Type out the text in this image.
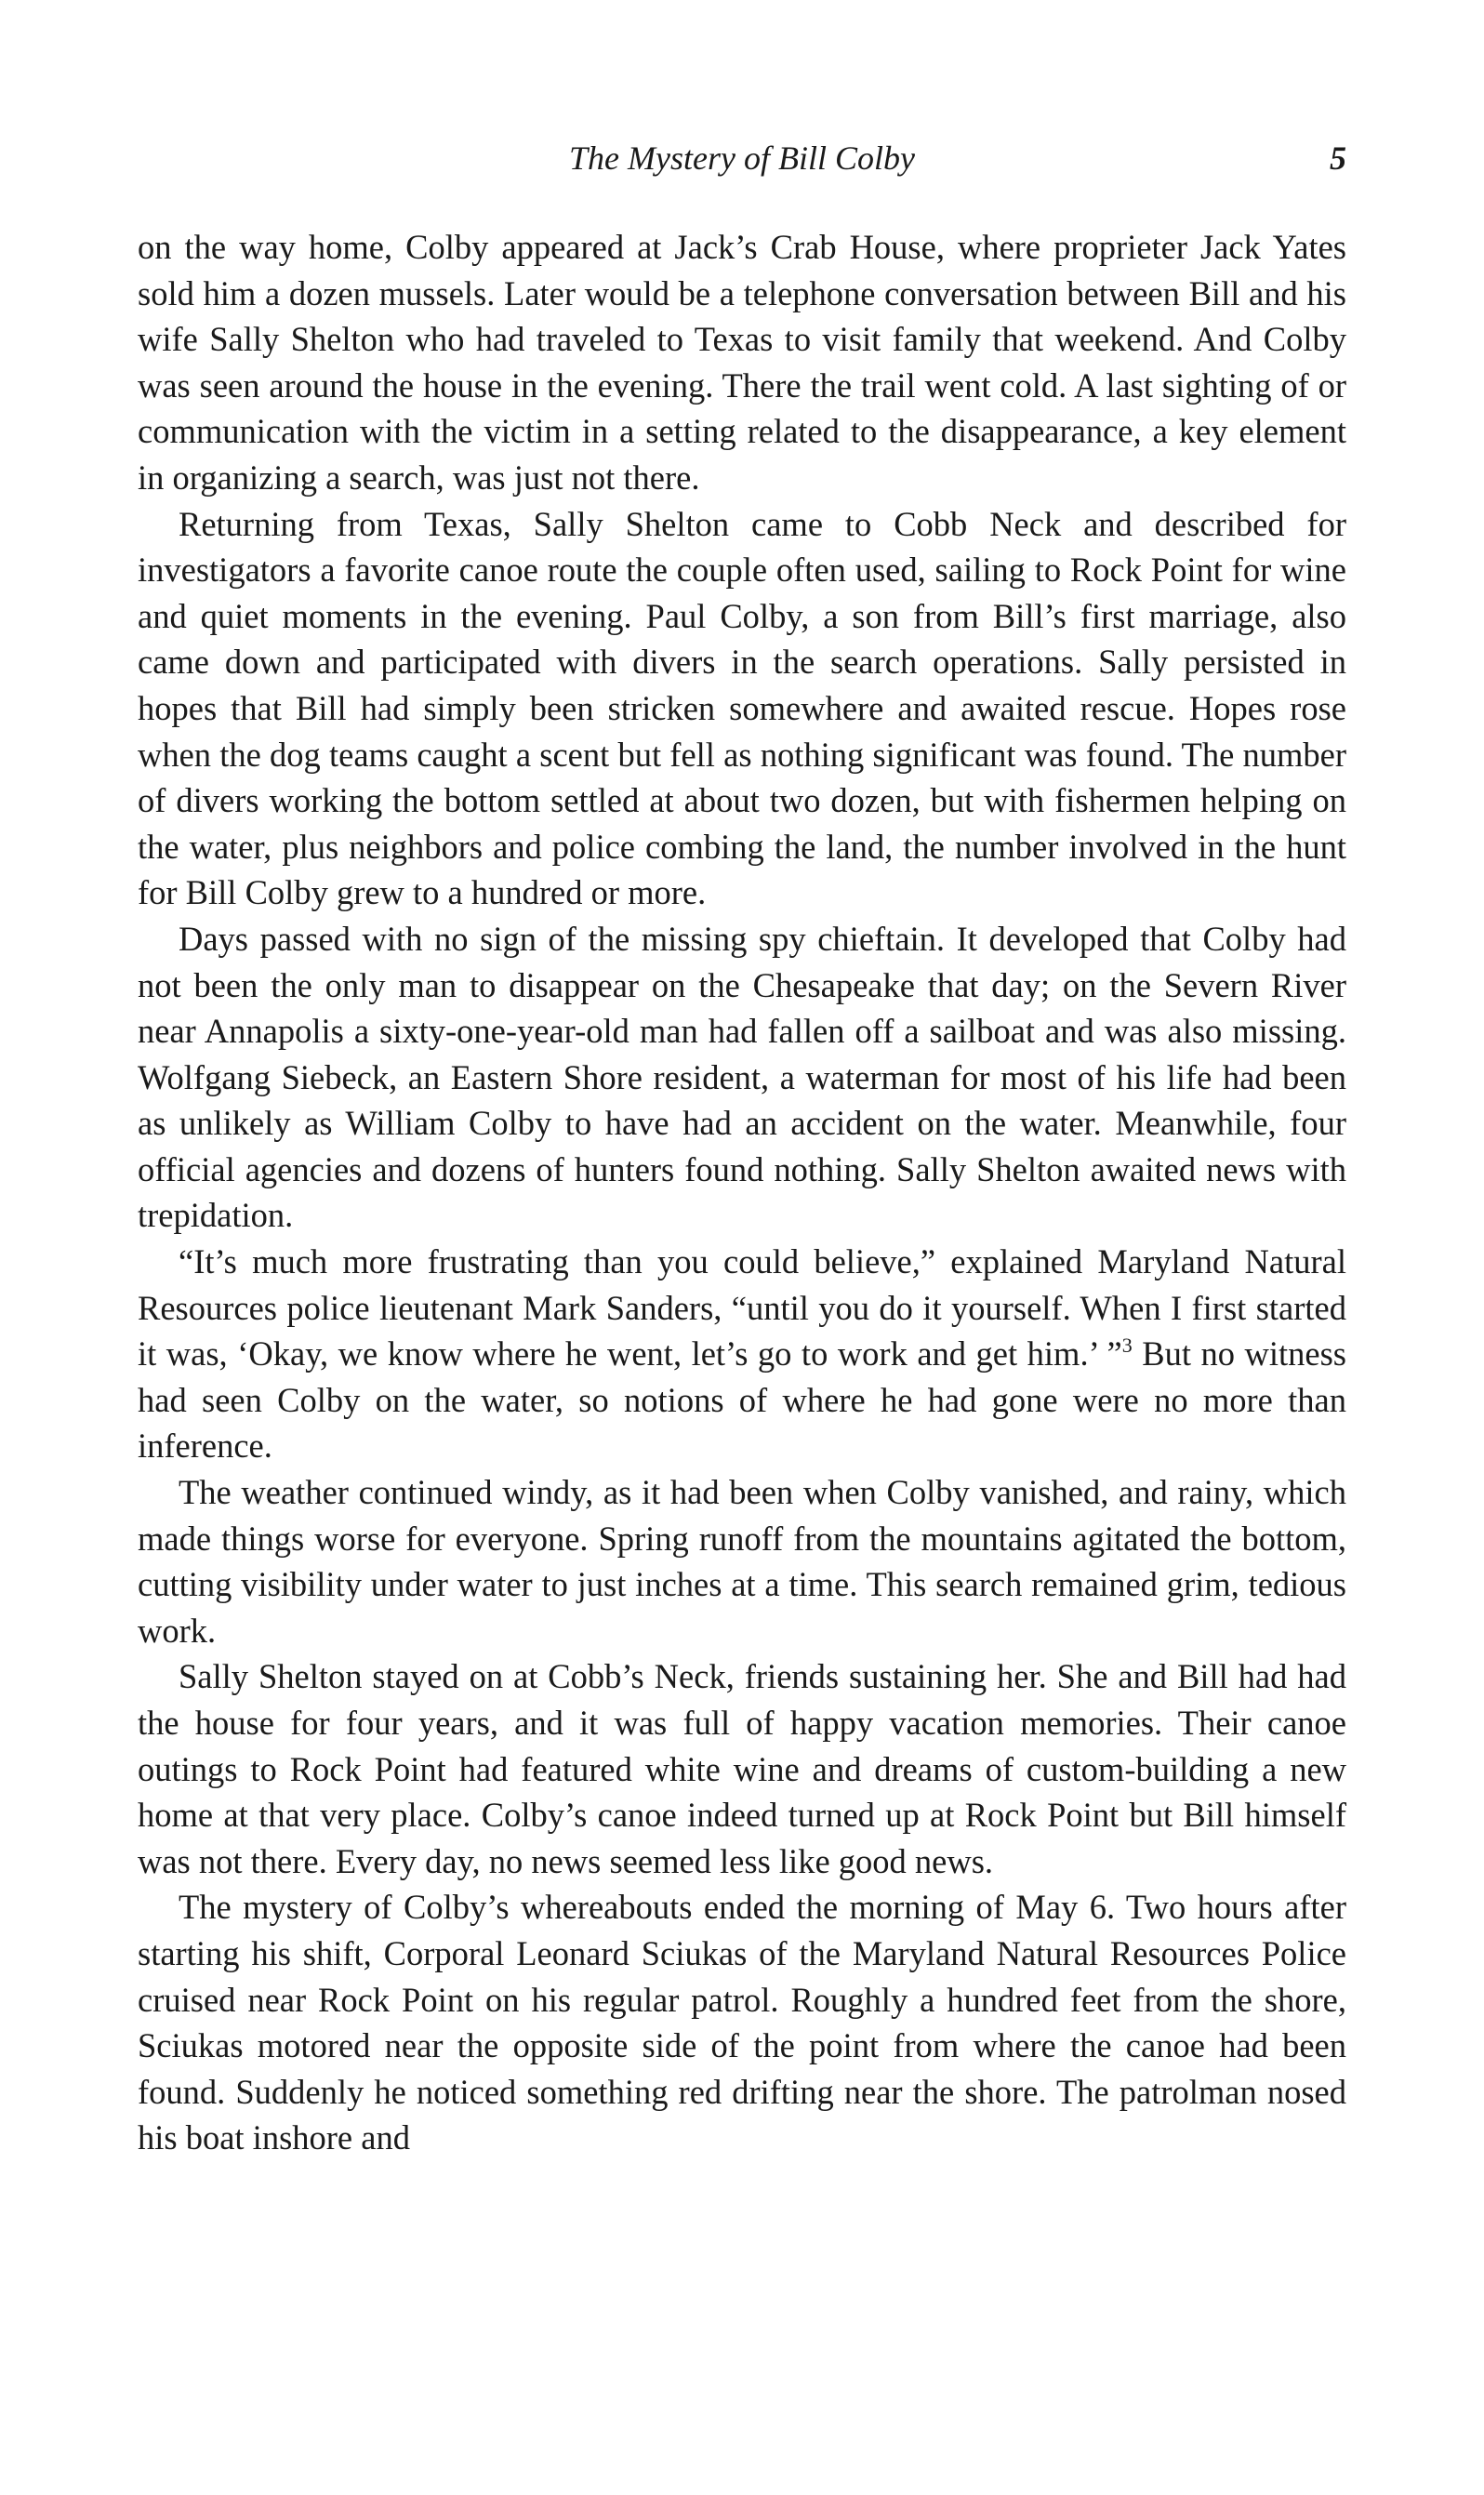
The Mystery of Bill Colby	5

on the way home, Colby appeared at Jack’s Crab House, where proprieter Jack Yates sold him a dozen mussels. Later would be a telephone conversation between Bill and his wife Sally Shelton who had traveled to Texas to visit family that weekend. And Colby was seen around the house in the evening. There the trail went cold. A last sighting of or communication with the victim in a setting related to the disappearance, a key element in organizing a search, was just not there.

Returning from Texas, Sally Shelton came to Cobb Neck and described for investigators a favorite canoe route the couple often used, sailing to Rock Point for wine and quiet moments in the evening. Paul Colby, a son from Bill’s first marriage, also came down and participated with divers in the search operations. Sally persisted in hopes that Bill had simply been stricken somewhere and awaited rescue. Hopes rose when the dog teams caught a scent but fell as nothing significant was found. The number of divers working the bottom settled at about two dozen, but with fishermen helping on the water, plus neighbors and police combing the land, the number involved in the hunt for Bill Colby grew to a hundred or more.

Days passed with no sign of the missing spy chieftain. It developed that Colby had not been the only man to disappear on the Chesapeake that day; on the Severn River near Annapolis a sixty-one-year-old man had fallen off a sailboat and was also missing. Wolfgang Siebeck, an Eastern Shore resident, a waterman for most of his life had been as unlikely as William Colby to have had an accident on the water. Meanwhile, four official agencies and dozens of hunters found nothing. Sally Shelton awaited news with trepidation.

“It’s much more frustrating than you could believe,” explained Maryland Natural Resources police lieutenant Mark Sanders, “until you do it yourself. When I first started it was, ‘Okay, we know where he went, let’s go to work and get him.’ ”$^3$ But no witness had seen Colby on the water, so notions of where he had gone were no more than inference.

The weather continued windy, as it had been when Colby vanished, and rainy, which made things worse for everyone. Spring runoff from the mountains agitated the bottom, cutting visibility under water to just inches at a time. This search remained grim, tedious work.

Sally Shelton stayed on at Cobb’s Neck, friends sustaining her. She and Bill had had the house for four years, and it was full of happy vacation memories. Their canoe outings to Rock Point had featured white wine and dreams of custom-building a new home at that very place. Colby’s canoe indeed turned up at Rock Point but Bill himself was not there. Every day, no news seemed less like good news.

The mystery of Colby’s whereabouts ended the morning of May 6. Two hours after starting his shift, Corporal Leonard Sciukas of the Maryland Natural Resources Police cruised near Rock Point on his regular patrol. Roughly a hundred feet from the shore, Sciukas motored near the opposite side of the point from where the canoe had been found. Suddenly he noticed something red drifting near the shore. The patrolman nosed his boat inshore and
